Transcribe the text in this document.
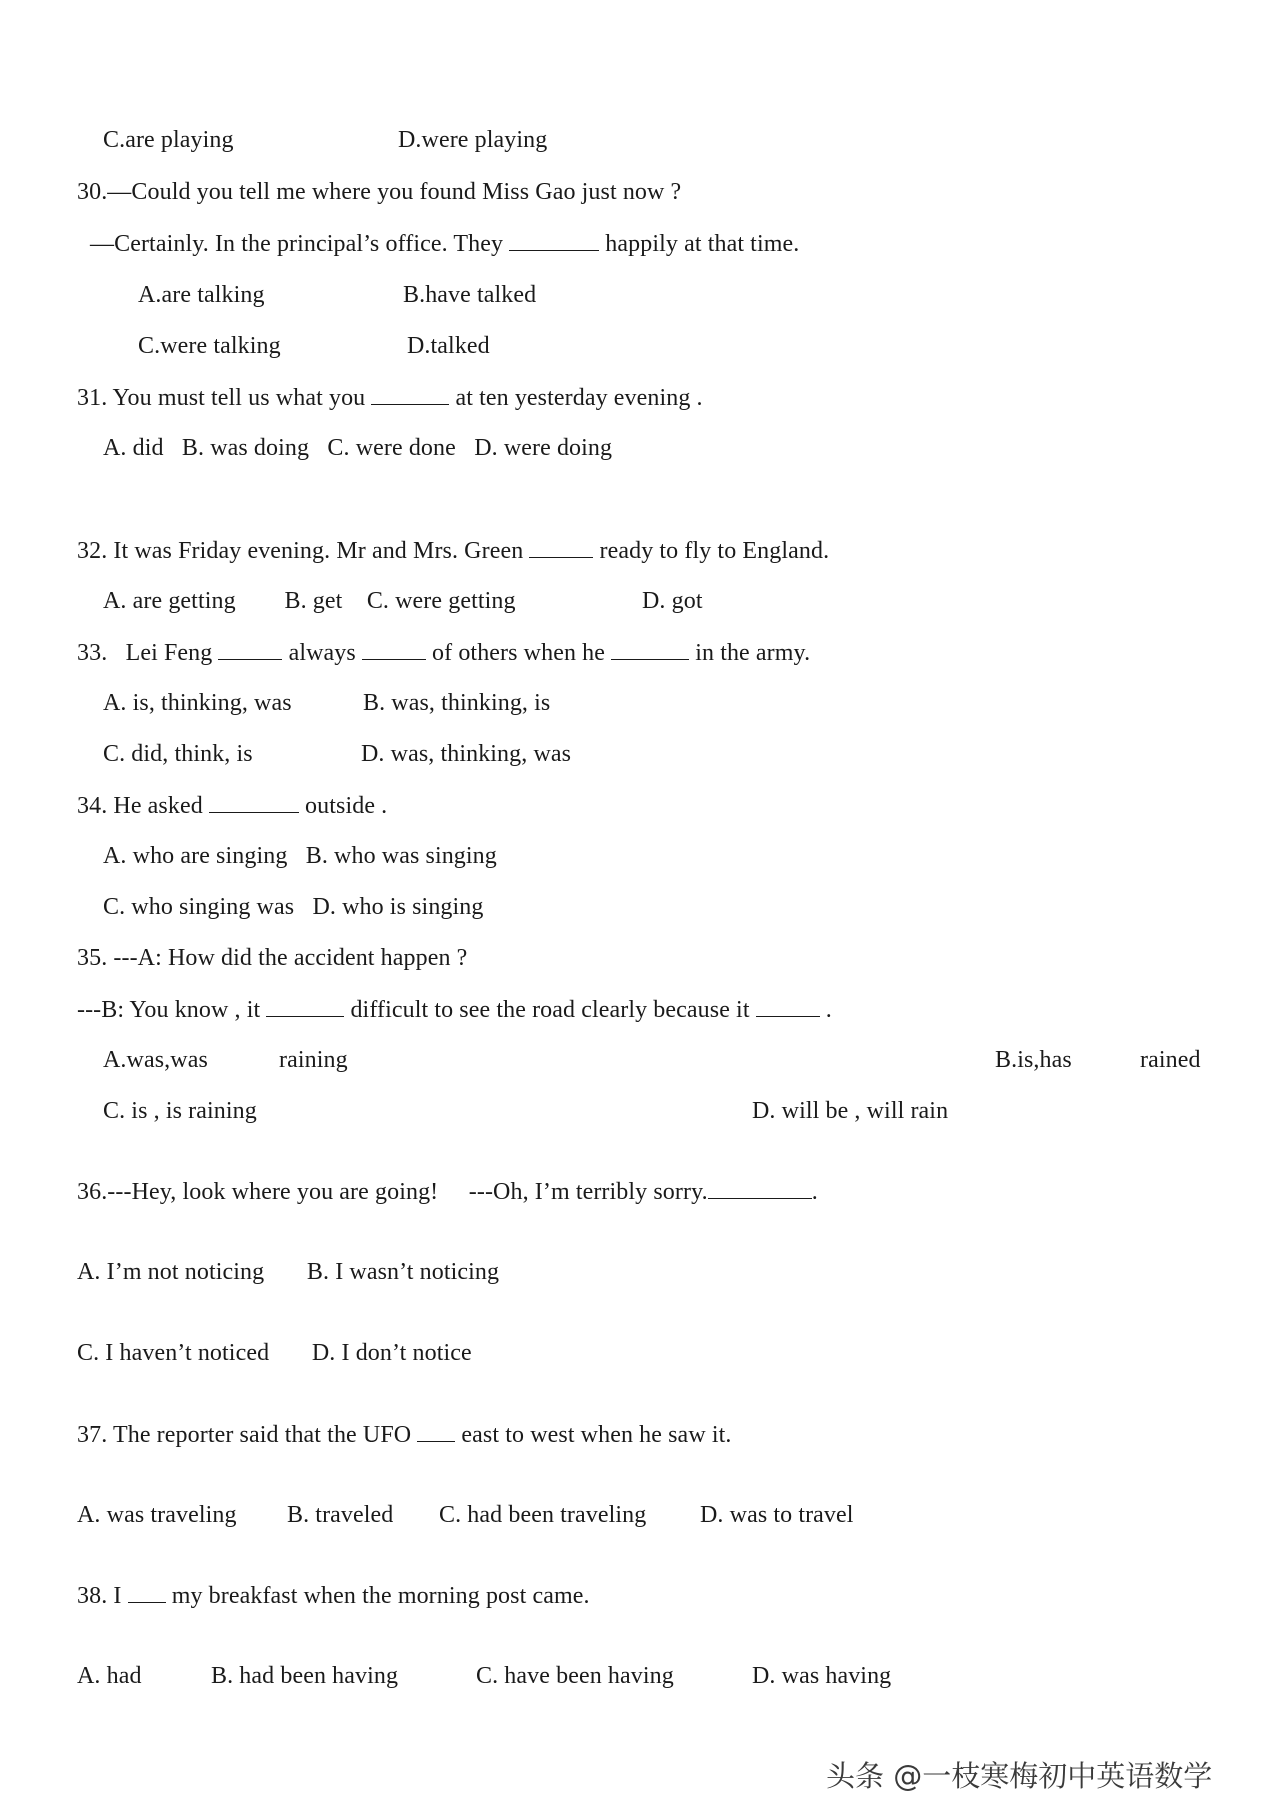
C.are playing	D.were playing
30.—Could you tell me where you found Miss Gao just now ?
—Certainly. In the principal’s office. They	happily at that time.
A.are talking	B.have talked
C.were talking	D.talked
31. You must tell us what you	at ten yesterday evening .
A. did   B. was doing   C. were done   D. were doing
32. It was Friday evening. Mr and Mrs. Green	ready to fly to England.
A. are getting        B. get    C. were getting	D. got
33.   Lei Feng	always	of others when he	in the army.
A. is, thinking, was	B. was, thinking, is
C. did, think, is	D. was, thinking, was
34. He asked	outside .
A. who are singing   B. who was singing
C. who singing was   D. who is singing
35. ---A: How did the accident happen ?
---B: You know , it	difficult to see the road clearly because it	.
A.was,was	raining	B.is,has	rained
C. is , is raining	D. will be , will rain
36.---Hey, look where you are going!     ---Oh, I’m terribly sorry.	.
A. I’m not noticing       B. I wasn’t noticing
C. I haven’t noticed       D. I don’t notice
37. The reporter said that the UFO  east to west when he saw it.
A. was traveling B. traveled C. had been traveling D. was to travel
38. I  my breakfast when the morning post came.
A. had	B. had been having	C. have been having	D. was having
头条 @一枝寒梅初中英语数学
